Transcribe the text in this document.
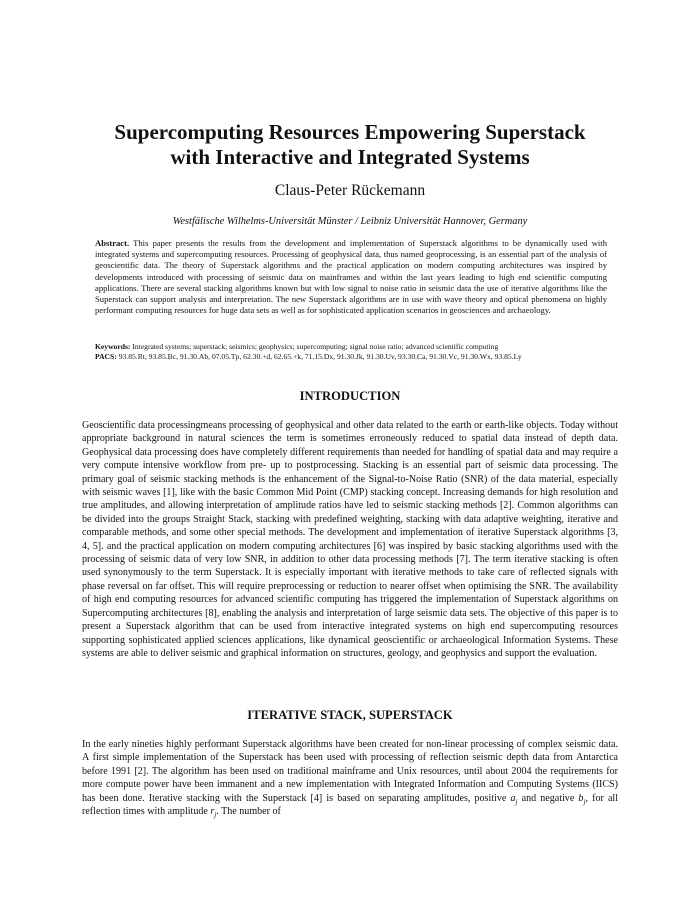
Supercomputing Resources Empowering Superstack
with Interactive and Integrated Systems
Claus-Peter Rückemann
Westfälische Wilhelms-Universität Münster / Leibniz Universität Hannover, Germany
Abstract. This paper presents the results from the development and implementation of Superstack algorithms to be dynamically used with integrated systems and supercomputing resources. Processing of geophysical data, thus named geoprocessing, is an essential part of the analysis of geoscientific data. The theory of Superstack algorithms and the practical application on modern computing architectures was inspired by developments introduced with processing of seismic data on mainframes and within the last years leading to high end scientific computing applications. There are several stacking algorithms known but with low signal to noise ratio in seismic data the use of iterative algorithms like the Superstack can support analysis and interpretation. The new Superstack algorithms are in use with wave theory and optical phenomena on highly performant computing resources for huge data sets as well as for sophisticated application scenarios in geosciences and archaeology.
Keywords: Integrated systems; superstack; seismics; geophysics; supercomputing; signal noise ratio; advanced scientific computing
PACS: 93.85.Rt, 93.85.Bc, 91.30.Ab, 07.05.Tp, 62.30.+d, 62.65.+k, 71.15.Dx, 91.30.Jk, 91.30.Uv, 93.30.Ca, 91.30.Vc, 91.30.Wx, 93.85.Ly
INTRODUCTION

Geoscientific data processingmeans processing of geophysical and other data related to the earth or earth-like objects. Today without appropriate background in natural sciences the term is sometimes erroneously reduced to spatial data instead of depth data. Geophysical data processing does have completely different requirements than needed for handling of spatial data and may require a very compute intensive workflow from pre- up to postprocessing. Stacking is an essential part of seismic data processing. The primary goal of seismic stacking methods is the enhancement of the Signal-to-Noise Ratio (SNR) of the data material, especially with seismic waves [1], like with the basic Common Mid Point (CMP) stacking concept. Increasing demands for high resolution and true amplitudes, and allowing interpretation of amplitude ratios have led to seismic stacking methods [2]. Common algorithms can be divided into the groups Straight Stack, stacking with predefined weighting, stacking with data adaptive weighting, iterative and comparable methods, and some other special methods. The development and implementation of iterative Superstack algorithms [3, 4, 5]. and the practical application on modern computing architectures [6] was inspired by basic stacking algorithms used with the processing of seismic data of very low SNR, in addition to other data processing methods [7]. The term iterative stacking is often used synonymously to the term Superstack. It is especially important with iterative methods to take care of reflected signals with phase reversal on far offset. This will require preprocessing or reduction to nearer offset when optimising the SNR. The availability of high end computing resources for advanced scientific computing has triggered the implementation of Superstack algorithms on Supercomputing architectures [8], enabling the analysis and interpretation of large seismic data sets. The objective of this paper is to present a Superstack algorithm that can be used from interactive integrated systems on high end supercomputing resources supporting sophisticated applied sciences applications, like dynamical geoscientific or archaeological Information Systems. These systems are able to deliver seismic and graphical information on structures, geology, and geophysics and support the evaluation.

ITERATIVE STACK, SUPERSTACK

In the early nineties highly performant Superstack algorithms have been created for non-linear processing of complex seismic data. A first simple implementation of the Superstack has been used with processing of reflection seismic depth data from Antarctica before 1991 [2]. The algorithm has been used on traditional mainframe and Unix resources, until about 2004 the requirements for more compute power have been immanent and a new implementation with Integrated Information and Computing Systems (IICS) has been done. Iterative stacking with the Superstack [4] is based on separating amplitudes, positive $a_j$ and negative $b_j$, for all reflection times with amplitude $r_j$. The number of
